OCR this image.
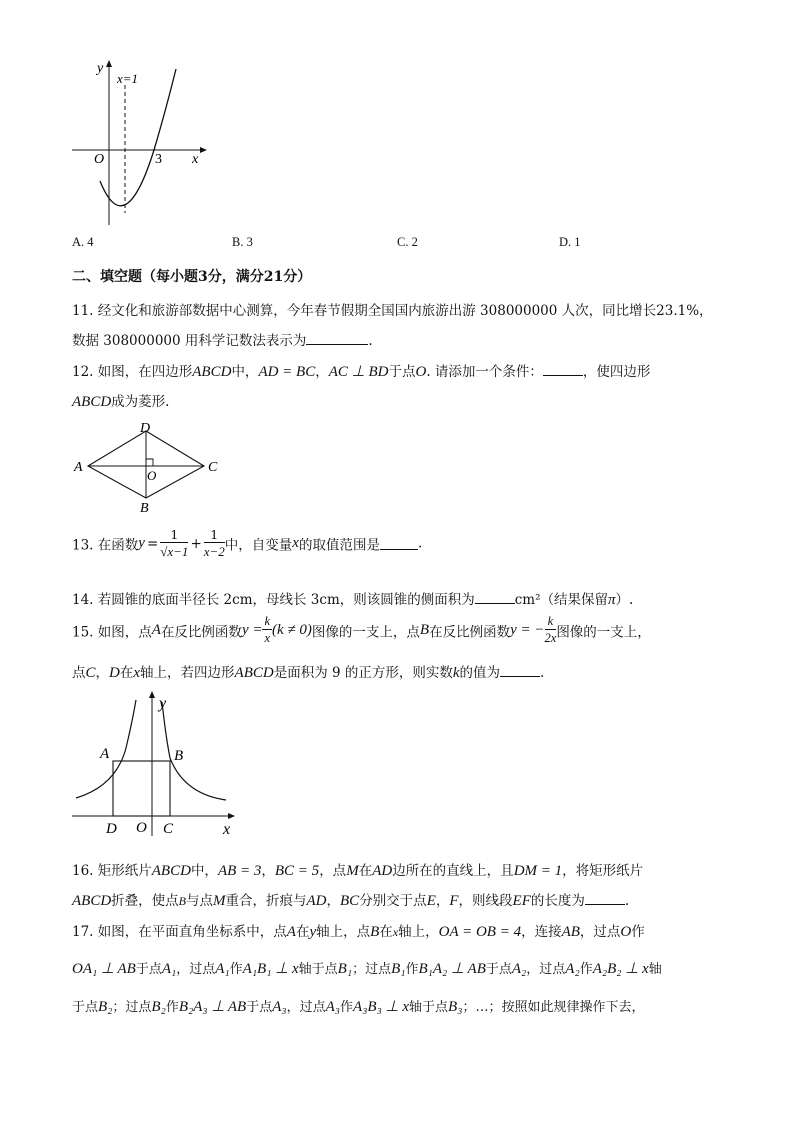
y
x
x=1
O	3
A. 4	B. 3	C. 2	D. 1
二、填空题（每小题3分，满分21分）
11. 经文化和旅游部数据中心测算，今年春节假期全国国内旅游出游 308000000 人次，同比增长23.1%，
数据 308000000 用科学记数法表示为	.
12. 如图，在四边形ABCD中，AD = BC，AC ⊥ BD于点O. 请添加一个条件：	，使四边形
ABCD成为菱形.
A
B
C
D
O
13. 在函数$y = \frac{1}{√x-1} + \frac{1}{x-2}$ 中，自变量x的取值范围是	.
14. 若圆锥的底面半径长 2cm，母线长 3cm，则该圆锥的侧面积为	cm²（结果保留π）.
15. 如图，点A在反比例函数$y = \frac{k}{x} (k \ne 0)$图像的一支上，点B在反比例函数y = − $\frac{k}{2x}$ 图像的一支上，
点C，D在x轴上，若四边形ABCD是面积为 9 的正方形，则实数k的值为	.
y
x
A	B
C
D O
16. 矩形纸片ABCD中，AB = 3，BC = 5，点M在AD边所在的直线上，且DM = 1，将矩形纸片
ABCD折叠，使点B与点M重合，折痕与AD，BC分别交于点E，F，则线段EF的长度为	.
17. 如图，在平面直角坐标系中，点A在y轴上，点B在x轴上，OA = OB = 4，连接AB，过点O作
OA₁ ⊥ AB于点A₁，过点A₁作A₁B₁ ⊥ x轴于点B₁；过点B₁作B₁A₂ ⊥ AB于点A₂，过点A₂作A₂B₂ ⊥ x轴
于点B₂；过点B₂作B₂A₃ ⊥ AB于点A₃，过点A₃作A₃B₃ ⊥ x轴于点B₃；…；按照如此规律操作下去，
